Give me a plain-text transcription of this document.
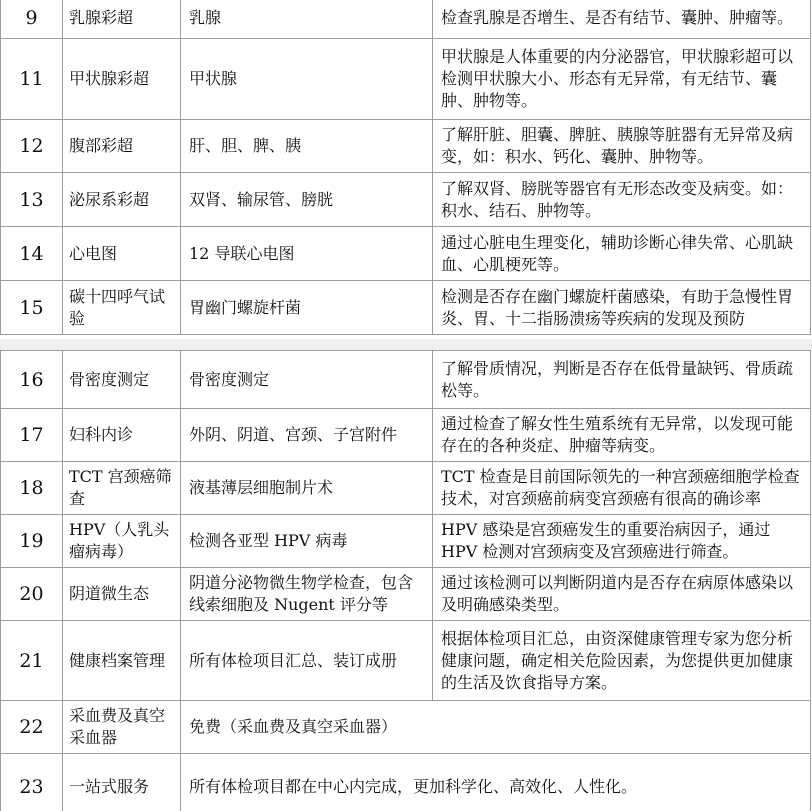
9	乳腺彩超	乳腺	检查乳腺是否增生、是否有结节、囊肿、肿瘤等。
11	甲状腺彩超	甲状腺	甲状腺是人体重要的内分泌器官，甲状腺彩超可以检测甲状腺大小、形态有无异常，有无结节、囊肿、肿物等。
12	腹部彩超	肝、胆、脾、胰	了解肝脏、胆囊、脾脏、胰腺等脏器有无异常及病变，如：积水、钙化、囊肿、肿物等。
13	泌尿系彩超	双肾、输尿管、膀胱	了解双肾、膀胱等器官有无形态改变及病变。如：积水、结石、肿物等。
14	心电图	12 导联心电图	通过心脏电生理变化，辅助诊断心律失常、心肌缺血、心肌梗死等。
15	碳十四呼气试验	胃幽门螺旋杆菌	检测是否存在幽门螺旋杆菌感染，有助于急慢性胃炎、胃、十二指肠溃疡等疾病的发现及预防
16	骨密度测定	骨密度测定	了解骨质情况，判断是否存在低骨量缺钙、骨质疏松等。
17	妇科内诊	外阴、阴道、宫颈、子宫附件	通过检查了解女性生殖系统有无异常，以发现可能存在的各种炎症、肿瘤等病变。
18	TCT 宫颈癌筛查	液基薄层细胞制片术	TCT 检查是目前国际领先的一种宫颈癌细胞学检查技术，对宫颈癌前病变宫颈癌有很高的确诊率
19	HPV（人乳头瘤病毒）	检测各亚型 HPV 病毒	HPV 感染是宫颈癌发生的重要治病因子，通过 HPV 检测对宫颈病变及宫颈癌进行筛查。
20	阴道微生态	阴道分泌物微生物学检查，包含线索细胞及 Nugent 评分等	通过该检测可以判断阴道内是否存在病原体感染以及明确感染类型。
21	健康档案管理	所有体检项目汇总、装订成册	根据体检项目汇总，由资深健康管理专家为您分析健康问题，确定相关危险因素，为您提供更加健康的生活及饮食指导方案。
22	采血费及真空采血器	免费（采血费及真空采血器）	
23	一站式服务	所有体检项目都在中心内完成，更加科学化、高效化、人性化。	
